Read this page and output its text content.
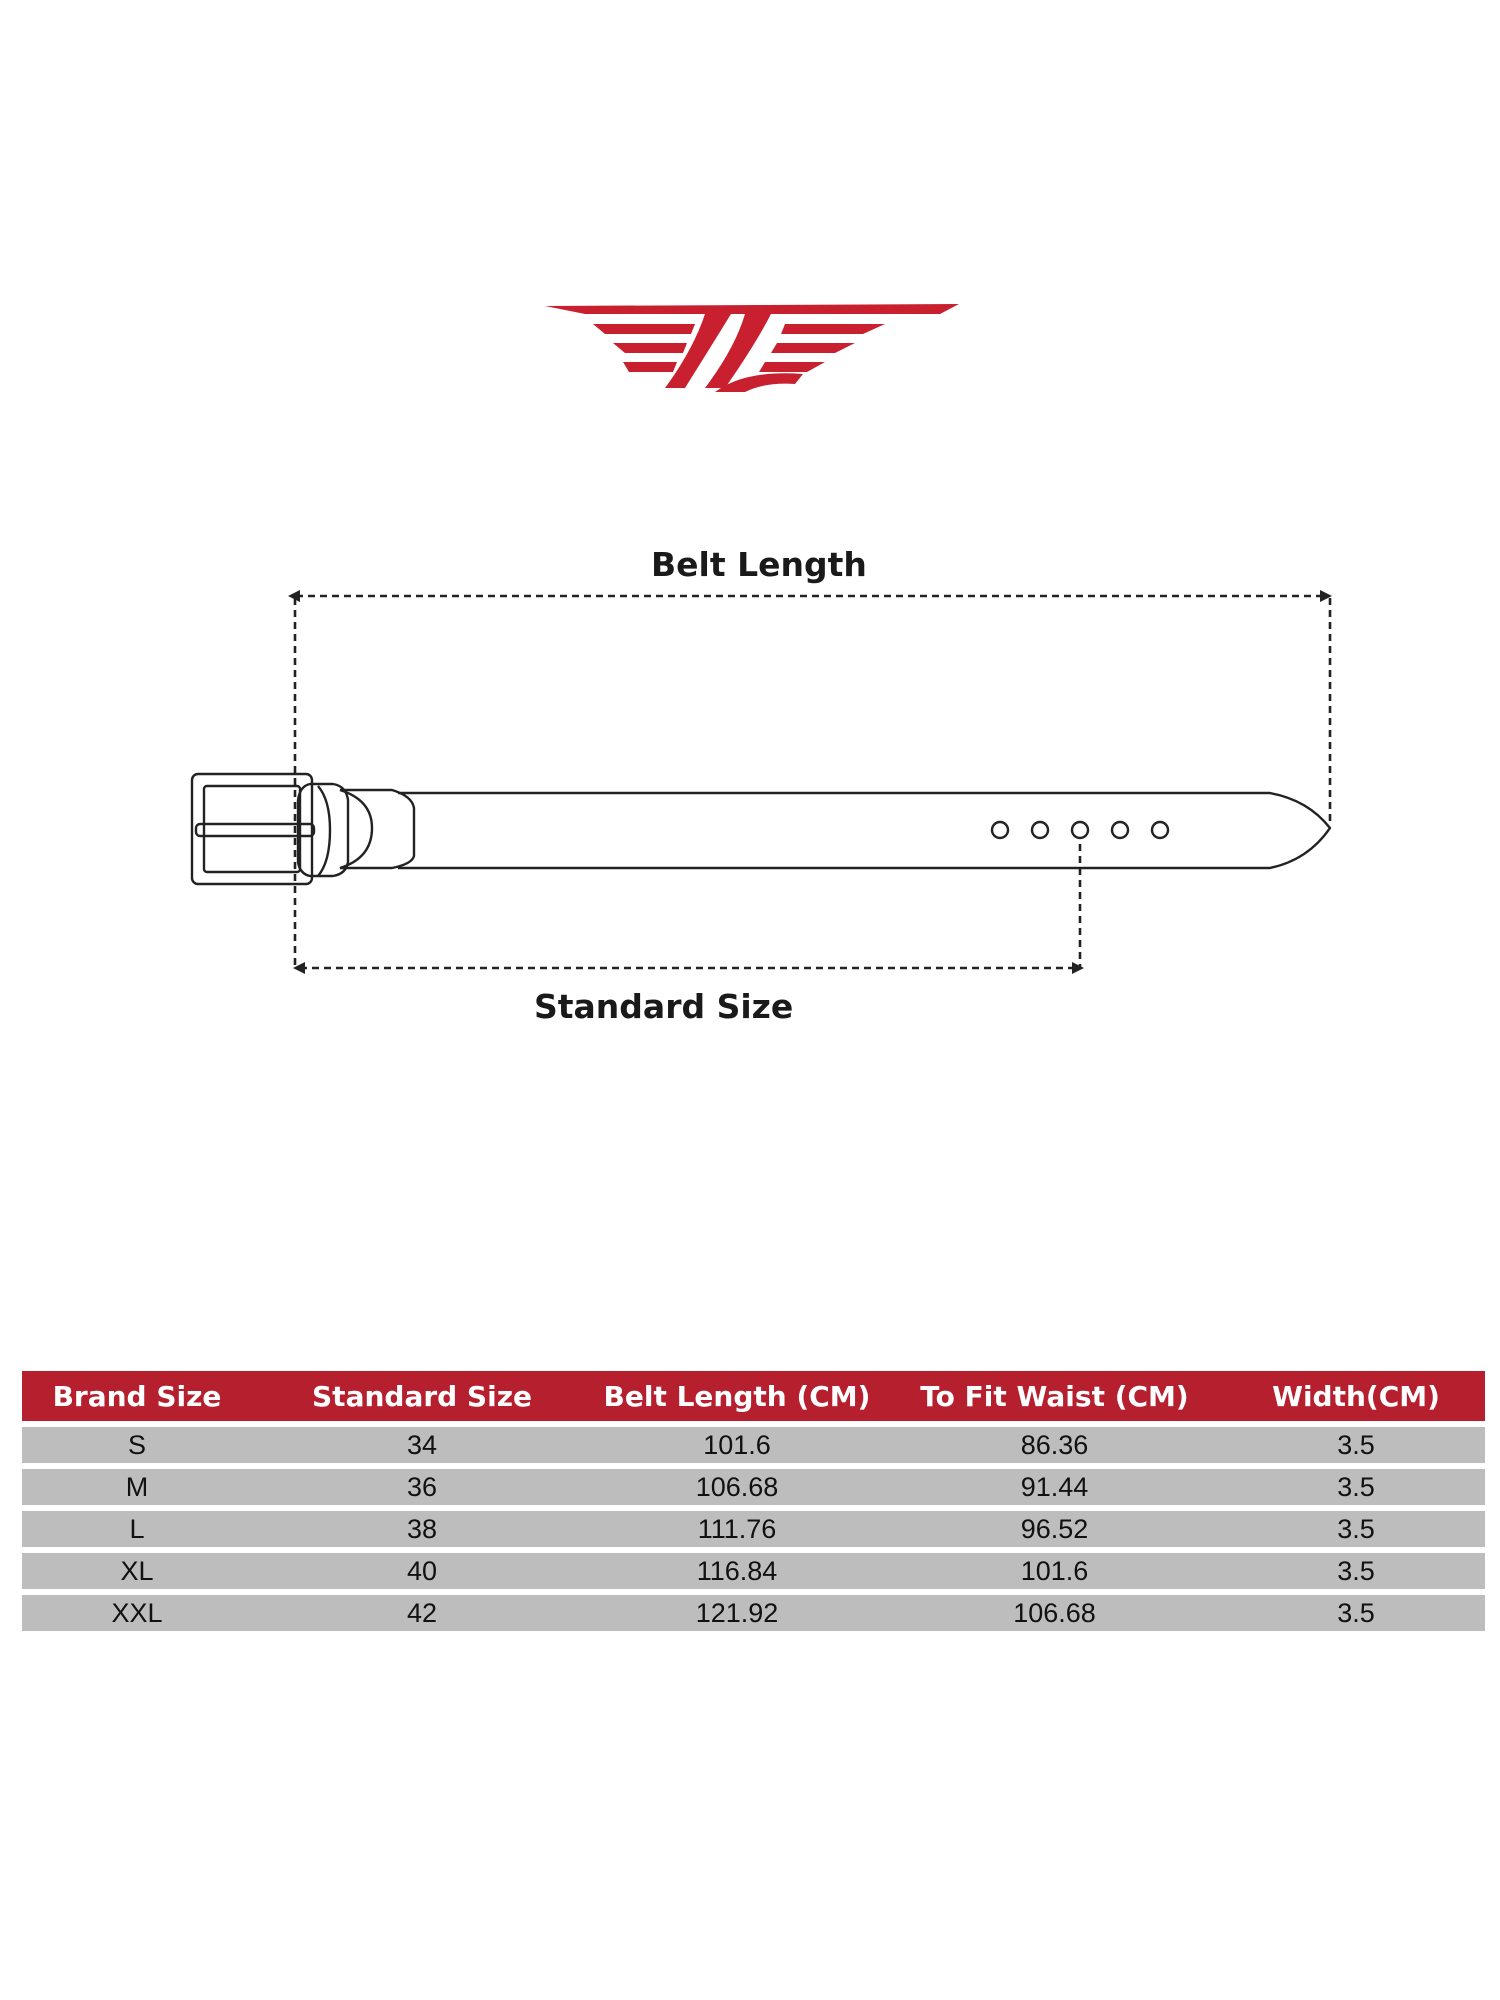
Belt Length
Standard Size
Brand Size	Standard Size	Belt Length (CM)	To Fit Waist (CM)	Width(CM)
S	34	101.6	86.36	3.5
M	36	106.68	91.44	3.5
L	38	111.76	96.52	3.5
XL	40	116.84	101.6	3.5
XXL	42	121.92	106.68	3.5
